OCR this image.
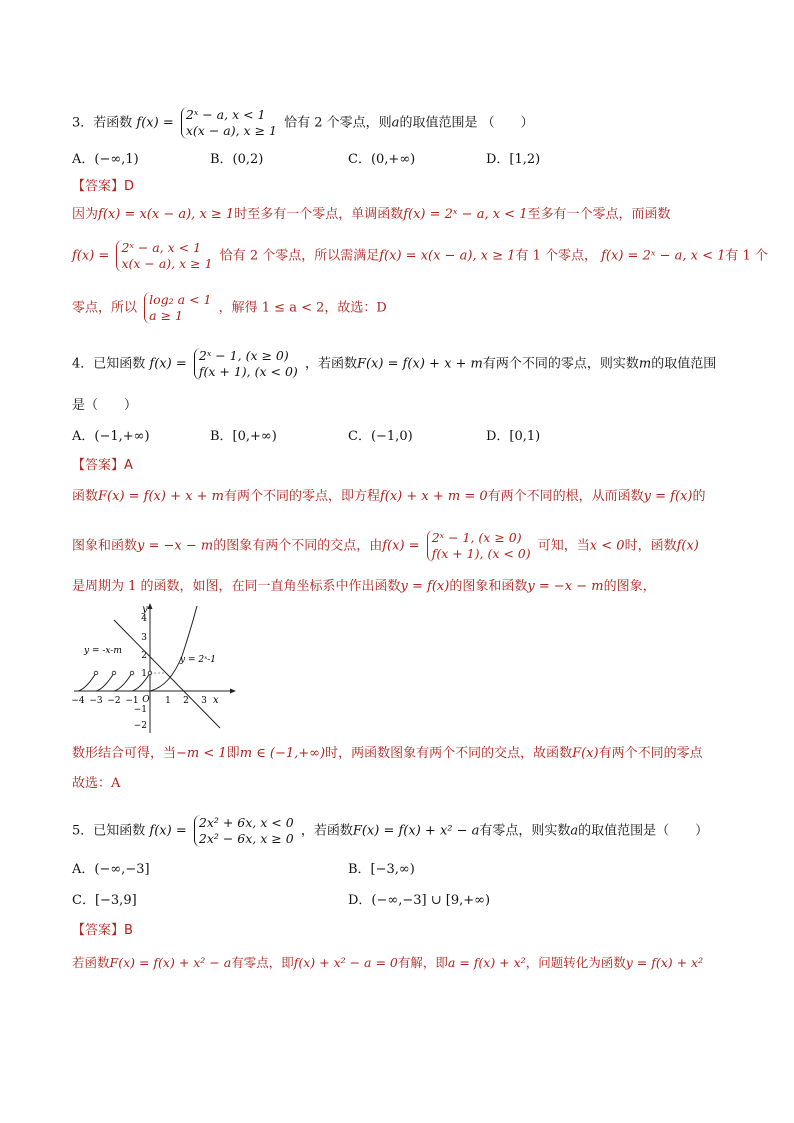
3．若函数 f(x) = 2ˣ − a, x < 1
x(x − a), x ≥ 1 恰有 2 个零点，则a的取值范围是 （　　）
A．(−∞,1)	B．(0,2)	C．(0,+∞)	D．[1,2)
【答案】D
因为f(x) = x(x − a), x ≥ 1时至多有一个零点，单调函数f(x) = 2ˣ − a, x < 1至多有一个零点，而函数
f(x) = 2ˣ − a, x < 1
x(x − a), x ≥ 1 恰有 2 个零点，所以需满足f(x) = x(x − a), x ≥ 1有 1 个零点， f(x) = 2ˣ − a, x < 1有 1 个
零点，所以 log₂ a < 1
a ≥ 1	，解得 1 ≤ a < 2，故选：D
4．已知函数 f(x) = 2ˣ − 1, (x ≥ 0)
f(x + 1), (x < 0) ，若函数F(x) = f(x) + x + m有两个不同的零点，则实数m的取值范围
是（　　）
A．(−1,+∞)	B．[0,+∞)	C．(−1,0)	D．[0,1)
【答案】A
函数F(x) = f(x) + x + m有两个不同的零点，即方程f(x) + x + m = 0有两个不同的根，从而函数y = f(x)的
图象和函数y = −x − m的图象有两个不同的交点，由f(x) = 2ˣ − 1, (x ≥ 0)
f(x + 1), (x < 0) 可知，当x < 0时，函数f(x)
是周期为 1 的函数，如图，在同一直角坐标系中作出函数y = f(x)的图象和函数y = −x − m的图象，
x
y
−4 −3 −2 −1 O 1 2 3
4
3
2
1
−1
−2
y = -x-m
y = 2ˣ-1
数形结合可得，当−m < 1即m ∈ (−1,+∞)时，两函数图象有两个不同的交点，故函数F(x)有两个不同的零点
故选：A
5．已知函数 f(x) = 2x² + 6x, x < 0
2x² − 6x, x ≥ 0 ，若函数F(x) = f(x) + x² − a有零点，则实数a的取值范围是（　　）
A．(−∞,−3]	B．[−3,∞)
C．[−3,9]	D．(−∞,−3] ∪ [9,+∞)
【答案】B
若函数F(x) = f(x) + x² − a有零点，即f(x) + x² − a = 0有解，即a = f(x) + x²，问题转化为函数y = f(x) + x²
